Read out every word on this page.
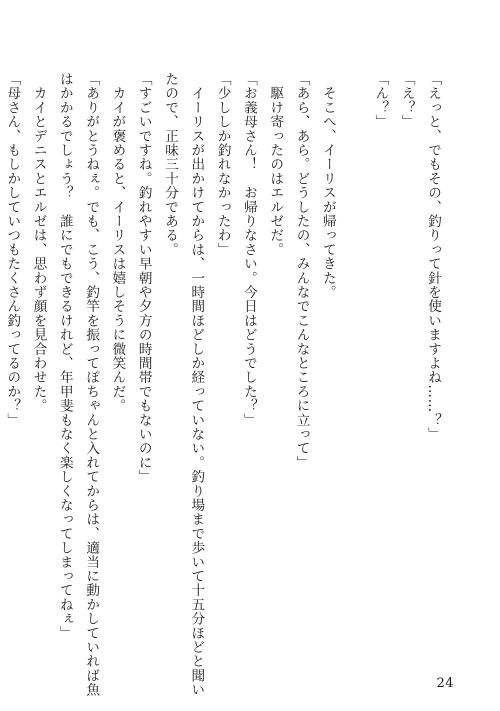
「えっと、でもその、釣りって針を使いますよね……？」
「え？」
「ん？」

　そこへ、イーリスが帰ってきた。
「あら、あら。どうしたの、みんなでこんなところに立って」
　駆け寄ったのはエルゼだ。
「お義母さん！　お帰りなさい。今日はどうでした？」
「少ししか釣れなかったわ」
　イーリスが出かけてからは、一時間ほどしか経っていない。釣り場まで歩いて十五分ほどと聞い
たので、正味三十分である。
「すごいですね。釣れやすい早朝や夕方の時間帯でもないのに」
　カイが褒めると、イーリスは嬉しそうに微笑んだ。
「ありがとうねぇ。でも、こう、釣竿を振ってぽちゃんと入れてからは、適当に動かしていれば魚
はかかるでしょう？　誰にでもできるけれど、年甲斐もなく楽しくなってしまってねぇ」
　カイとデニスとエルゼは、思わず顔を見合わせた。
「母さん、もしかしていつもたくさん釣ってるのか？」
24
